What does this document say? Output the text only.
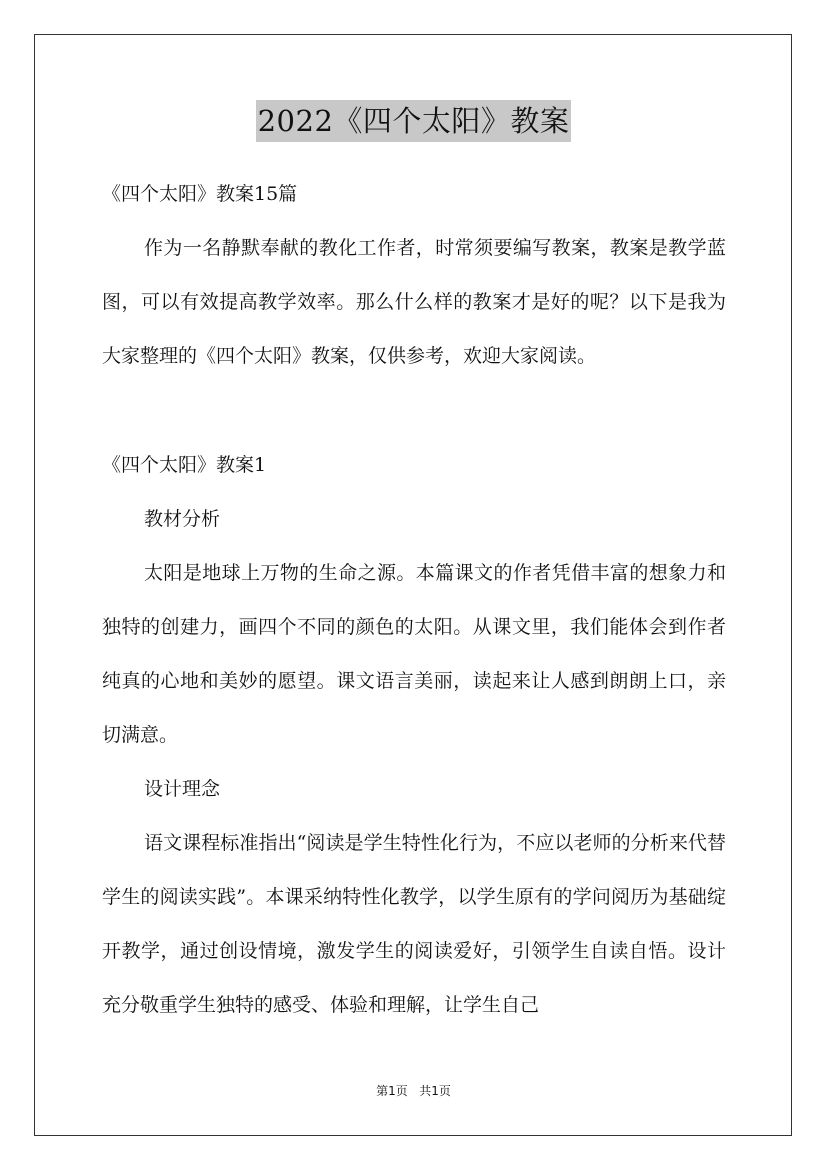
2022《四个太阳》教案
《四个太阳》教案15篇
作为一名静默奉献的教化工作者，时常须要编写教案，教案是教学蓝图，可以有效提高教学效率。那么什么样的教案才是好的呢？以下是我为大家整理的《四个太阳》教案，仅供参考，欢迎大家阅读。
《四个太阳》教案1
教材分析
太阳是地球上万物的生命之源。本篇课文的作者凭借丰富的想象力和独特的创建力，画四个不同的颜色的太阳。从课文里，我们能体会到作者纯真的心地和美妙的愿望。课文语言美丽，读起来让人感到朗朗上口，亲切满意。
设计理念
语文课程标准指出“阅读是学生特性化行为，不应以老师的分析来代替学生的阅读实践”。本课采纳特性化教学，以学生原有的学问阅历为基础绽开教学，通过创设情境，激发学生的阅读爱好，引领学生自读自悟。设计充分敬重学生独特的感受、体验和理解，让学生自己
第1页 共1页
